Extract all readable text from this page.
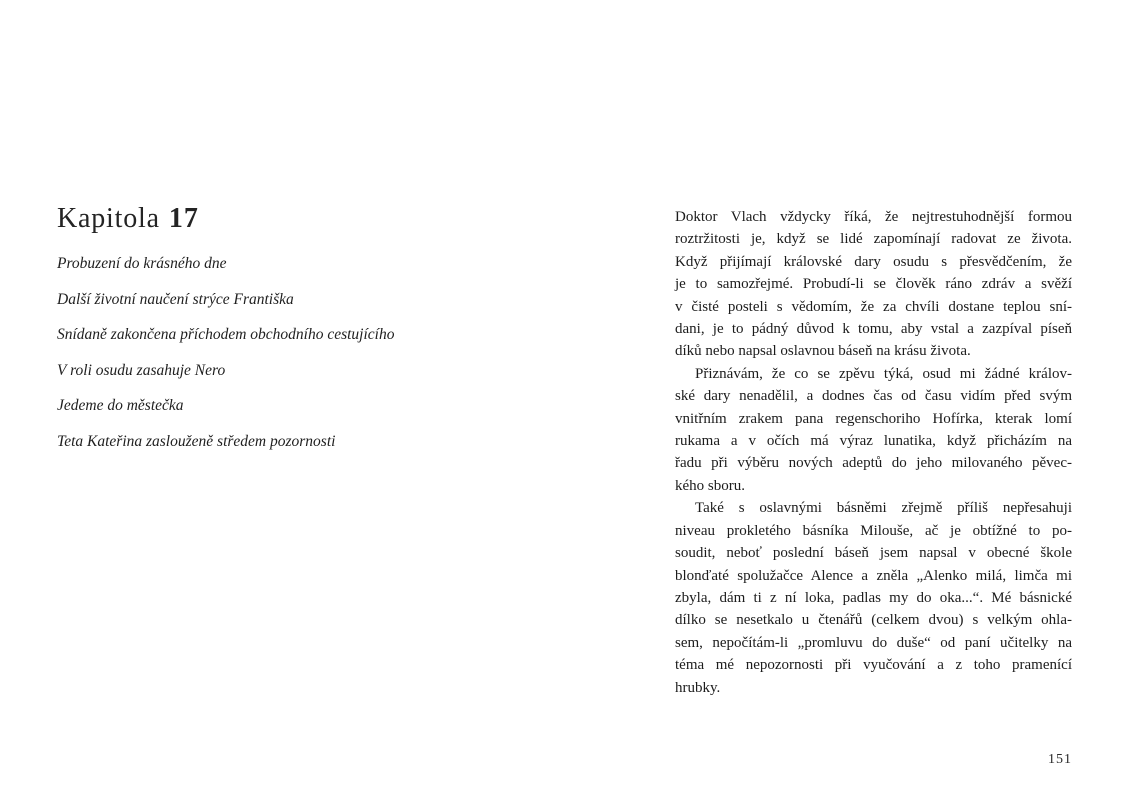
Kapitola 17
Probuzení do krásného dne
Další životní naučení strýce Františka
Snídaně zakončena příchodem obchodního cestujícího
V roli osudu zasahuje Nero
Jedeme do městečka
Teta Kateřina zaslouženě středem pozornosti
Doktor Vlach vždycky říká, že nejtrestuhodnější formou
roztržitosti je, když se lidé zapomínají radovat ze života.
Když přijímají královské dary osudu s přesvědčením, že
je to samozřejmé. Probudí-li se člověk ráno zdráv a svěží
v čisté posteli s vědomím, že za chvíli dostane teplou sní-
dani, je to pádný důvod k tomu, aby vstal a zazpíval píseň
díků nebo napsal oslavnou báseň na krásu života.
Přiznávám, že co se zpěvu týká, osud mi žádné králov-
ské dary nenadělil, a dodnes čas od času vidím před svým
vnitřním zrakem pana regenschoriho Hofírka, kterak lomí
rukama a v očích má výraz lunatika, když přicházím na
řadu při výběru nových adeptů do jeho milovaného pěvec-
kého sboru.
Také s oslavnými básněmi zřejmě příliš nepřesahuji
niveau prokletého básníka Milouše, ač je obtížné to po-
soudit, neboť poslední báseň jsem napsal v obecné škole
blonďaté spolužačce Alence a zněla „Alenko milá, limča mi
zbyla, dám ti z ní loka, padlas my do oka...“. Mé básnické
dílko se nesetkalo u čtenářů (celkem dvou) s velkým ohla-
sem, nepočítám-li „promluvu do duše“ od paní učitelky na
téma mé nepozornosti při vyučování a z toho pramenící
hrubky.
151
